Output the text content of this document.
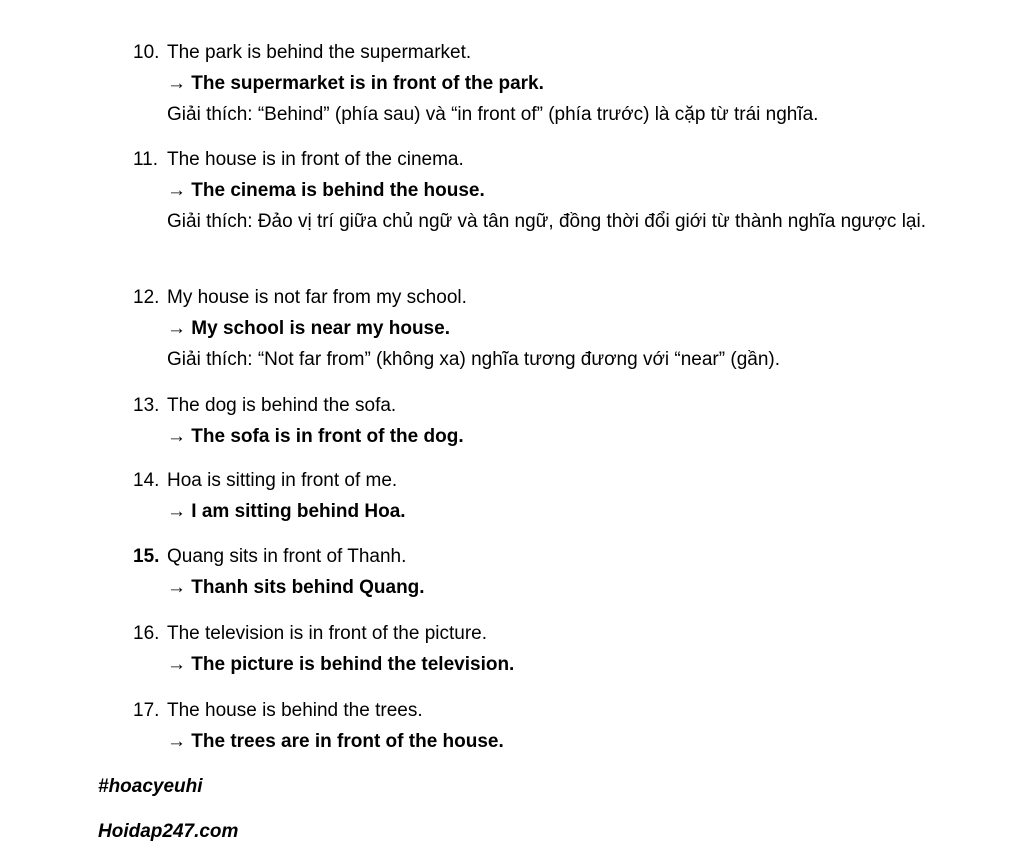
10. The park is behind the supermarket.
→ The supermarket is in front of the park.
Giải thích: “Behind” (phía sau) và “in front of” (phía trước) là cặp từ trái nghĩa.
11. The house is in front of the cinema.
→ The cinema is behind the house.
Giải thích: Đảo vị trí giữa chủ ngữ và tân ngữ, đồng thời đổi giới từ thành nghĩa ngược lại.
12. My house is not far from my school.
→ My school is near my house.
Giải thích: “Not far from” (không xa) nghĩa tương đương với “near” (gần).
13. The dog is behind the sofa.
→ The sofa is in front of the dog.
14. Hoa is sitting in front of me.
→ I am sitting behind Hoa.
15. Quang sits in front of Thanh.
→ Thanh sits behind Quang.
16. The television is in front of the picture.
→ The picture is behind the television.
17. The house is behind the trees.
→ The trees are in front of the house.
#hoacyeuhi
Hoidap247.com
